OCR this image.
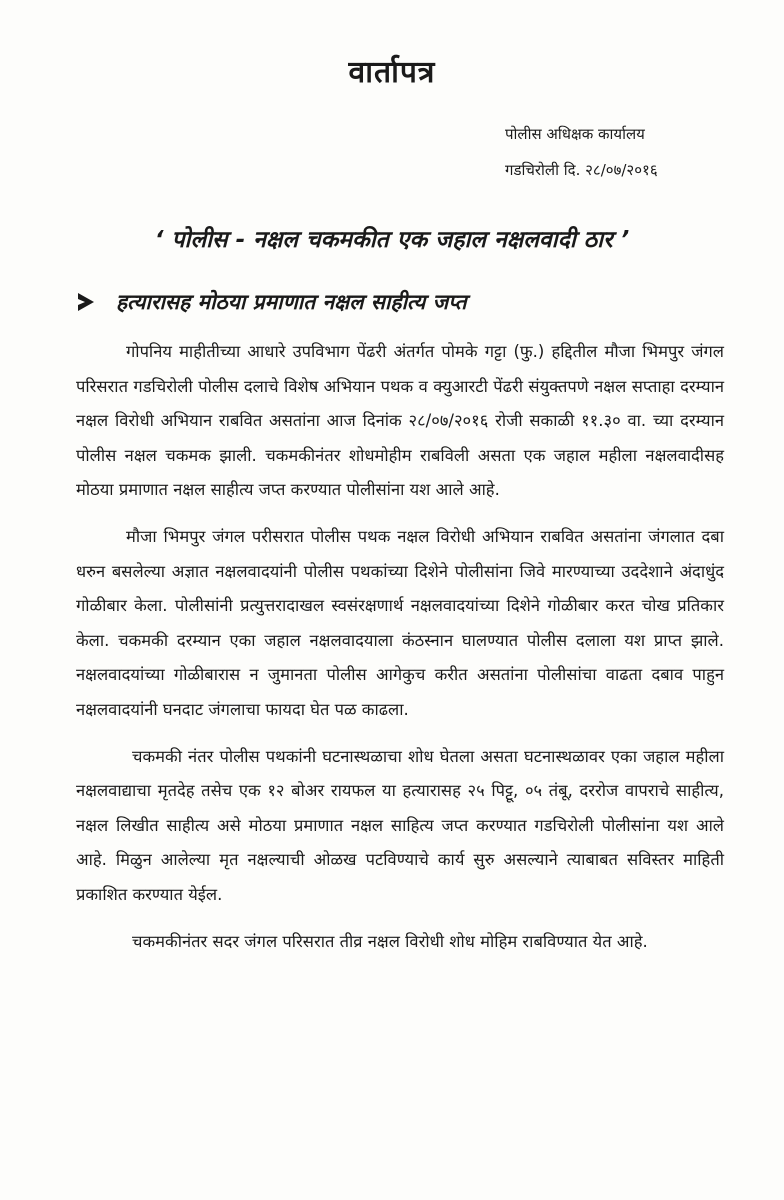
वार्तापत्र
पोलीस अधिक्षक कार्यालय
गडचिरोली दि. २८/०७/२०१६
‘ पोलीस - नक्षल चकमकीत एक जहाल नक्षलवादी ठार ’
हत्यारासह मोठया प्रमाणात नक्षल साहीत्य जप्त

गोपनिय माहीतीच्या आधारे उपविभाग पेंढरी अंतर्गत पोमके गट्टा (फु.) हद्दितील मौजा भिमपुर जंगल परिसरात गडचिरोली पोलीस दलाचे विशेष अभियान पथक व क्युआरटी पेंढरी संयुक्तपणे नक्षल सप्ताहा दरम्यान नक्षल विरोधी अभियान राबवित असतांना आज दिनांक २८/०७/२०१६ रोजी सकाळी ११.३० वा. च्या दरम्यान पोलीस नक्षल चकमक झाली. चकमकीनंतर शोधमोहीम राबविली असता एक जहाल महीला नक्षलवादीसह मोठया प्रमाणात नक्षल साहीत्य जप्त करण्यात पोलीसांना यश आले आहे.

मौजा भिमपुर जंगल परीसरात पोलीस पथक नक्षल विरोधी अभियान राबवित असतांना जंगलात दबा धरुन बसलेल्या अज्ञात नक्षलवादयांनी पोलीस पथकांच्या दिशेने पोलीसांना जिवे मारण्याच्या उददेशाने अंदाधुंद गोळीबार केला. पोलीसांनी प्रत्युत्तरादाखल स्वसंरक्षणार्थ नक्षलवादयांच्या दिशेने गोळीबार करत चोख प्रतिकार केला. चकमकी दरम्यान एका जहाल नक्षलवादयाला कंठस्नान घालण्यात पोलीस दलाला यश प्राप्त झाले. नक्षलवादयांच्या गोळीबारास न जुमानता पोलीस आगेकुच करीत असतांना पोलीसांचा वाढता दबाव पाहुन नक्षलवादयांनी घनदाट जंगलाचा फायदा घेत पळ काढला.

चकमकी नंतर पोलीस पथकांनी घटनास्थळाचा शोध घेतला असता घटनास्थळावर एका जहाल महीला नक्षलवाद्याचा मृतदेह तसेच एक १२ बोअर रायफल या हत्यारासह २५ पिट्टू, ०५ तंबू, दररोज वापराचे साहीत्य, नक्षल लिखीत साहीत्य असे मोठया प्रमाणात नक्षल साहित्य जप्त करण्यात गडचिरोली पोलीसांना यश आले आहे. मिळुन आलेल्या मृत नक्षल्याची ओळख पटविण्याचे कार्य सुरु असल्याने त्याबाबत सविस्तर माहिती प्रकाशित करण्यात येईल.

चकमकीनंतर सदर जंगल परिसरात तीव्र नक्षल विरोधी शोध मोहिम राबविण्यात येत आहे.
